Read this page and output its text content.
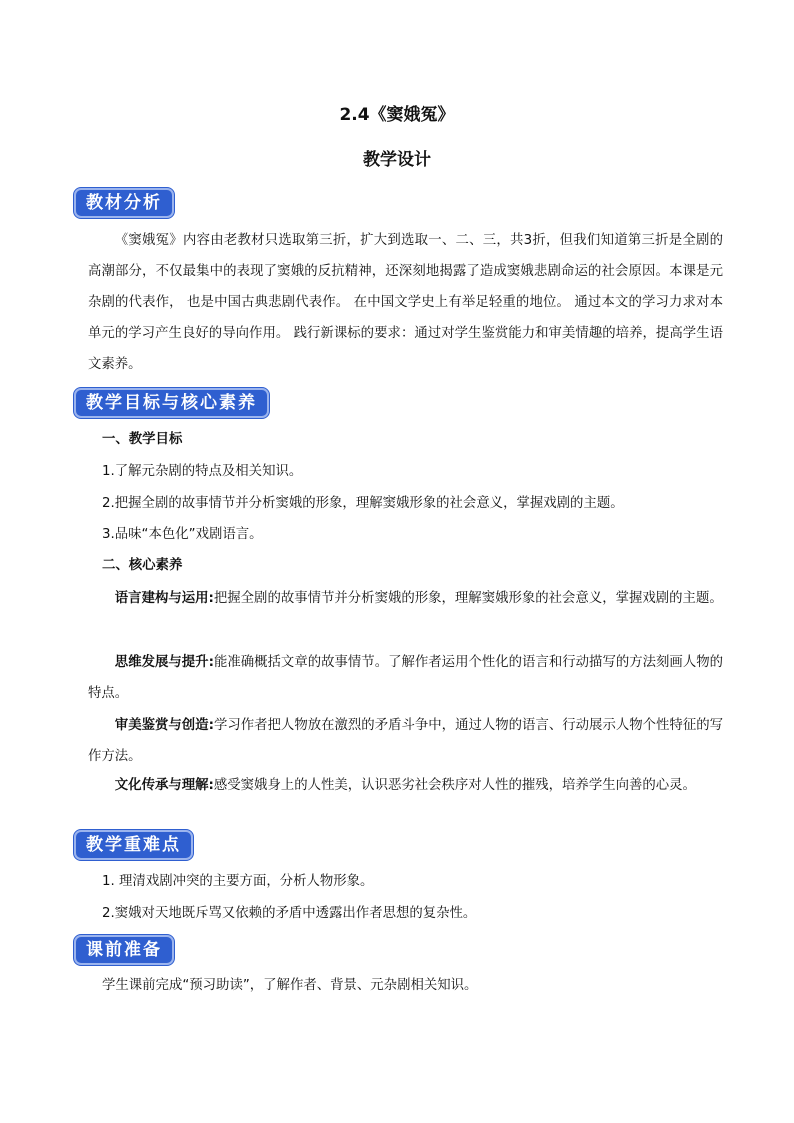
2.4《窦娥冤》
教学设计
教材分析
《窦娥冤》内容由老教材只选取第三折，扩大到选取一、二、三，共3折，但我们知道第三折是全剧的高潮部分，不仅最集中的表现了窦娥的反抗精神，还深刻地揭露了造成窦娥悲剧命运的社会原因。本课是元杂剧的代表作， 也是中国古典悲剧代表作。 在中国文学史上有举足轻重的地位。 通过本文的学习力求对本单元的学习产生良好的导向作用。 践行新课标的要求：通过对学生鉴赏能力和审美情趣的培养，提高学生语文素养。
教学目标与核心素养
一、教学目标
1.了解元杂剧的特点及相关知识。
2.把握全剧的故事情节并分析窦娥的形象，理解窦娥形象的社会意义，掌握戏剧的主题。
3.品味“本色化”戏剧语言。
二、核心素养
语言建构与运用:把握全剧的故事情节并分析窦娥的形象，理解窦娥形象的社会意义，掌握戏剧的主题。
思维发展与提升:能准确概括文章的故事情节。了解作者运用个性化的语言和行动描写的方法刻画人物的特点。
审美鉴赏与创造:学习作者把人物放在激烈的矛盾斗争中，通过人物的语言、行动展示人物个性特征的写作方法。
文化传承与理解:感受窦娥身上的人性美，认识恶劣社会秩序对人性的摧残，培养学生向善的心灵。
教学重难点
1. 理清戏剧冲突的主要方面，分析人物形象。
2.窦娥对天地既斥骂又依赖的矛盾中透露出作者思想的复杂性。
课前准备
学生课前完成“预习助读”，了解作者、背景、元杂剧相关知识。
